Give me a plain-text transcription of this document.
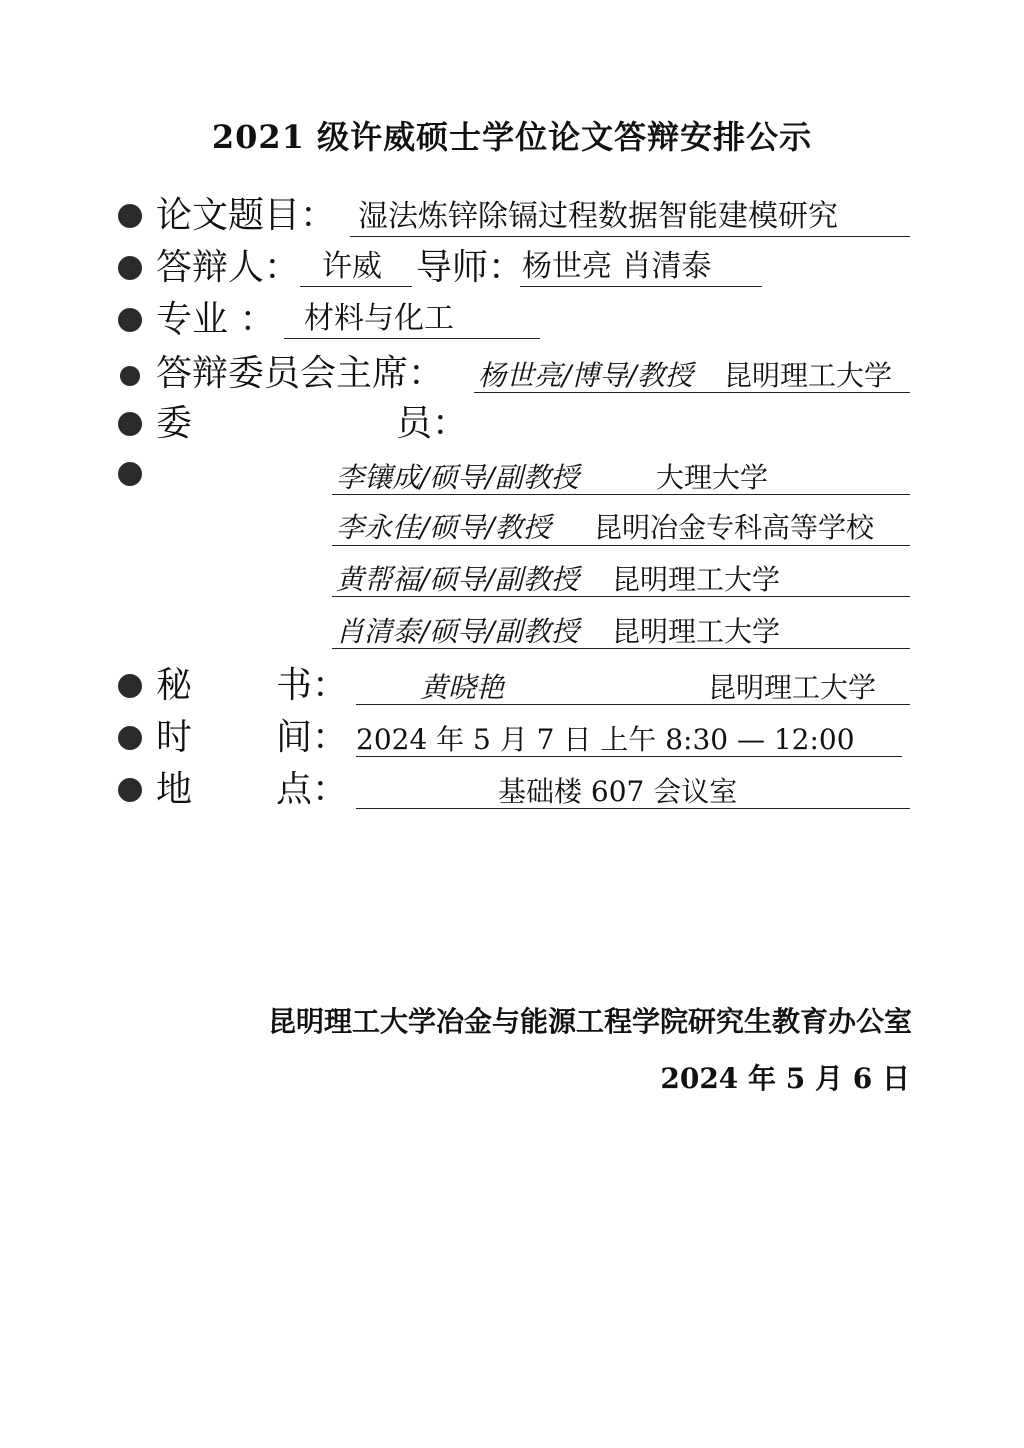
2021 级许威硕士学位论文答辩安排公示
论文题目： 湿法炼锌除镉过程数据智能建模研究
答辩人： 许威 导师：
杨世亮 肖清泰
专业 ： 材料与化工
答辩委员会主席： 杨世亮/博导/教授 昆明理工大学
委	员：
李镶成/硕导/副教授	大理大学
李永佳/硕导/教授 昆明冶金专科高等学校
黄帮福/硕导/副教授 昆明理工大学
肖清泰/硕导/副教授 昆明理工大学
秘 书：	黄晓艳	昆明理工大学
时 间： 2024 年 5 月 7 日 上午 8:30 — 12:00
地 点：	基础楼 607 会议室
昆明理工大学冶金与能源工程学院研究生教育办公室
2024 年 5 月 6 日
